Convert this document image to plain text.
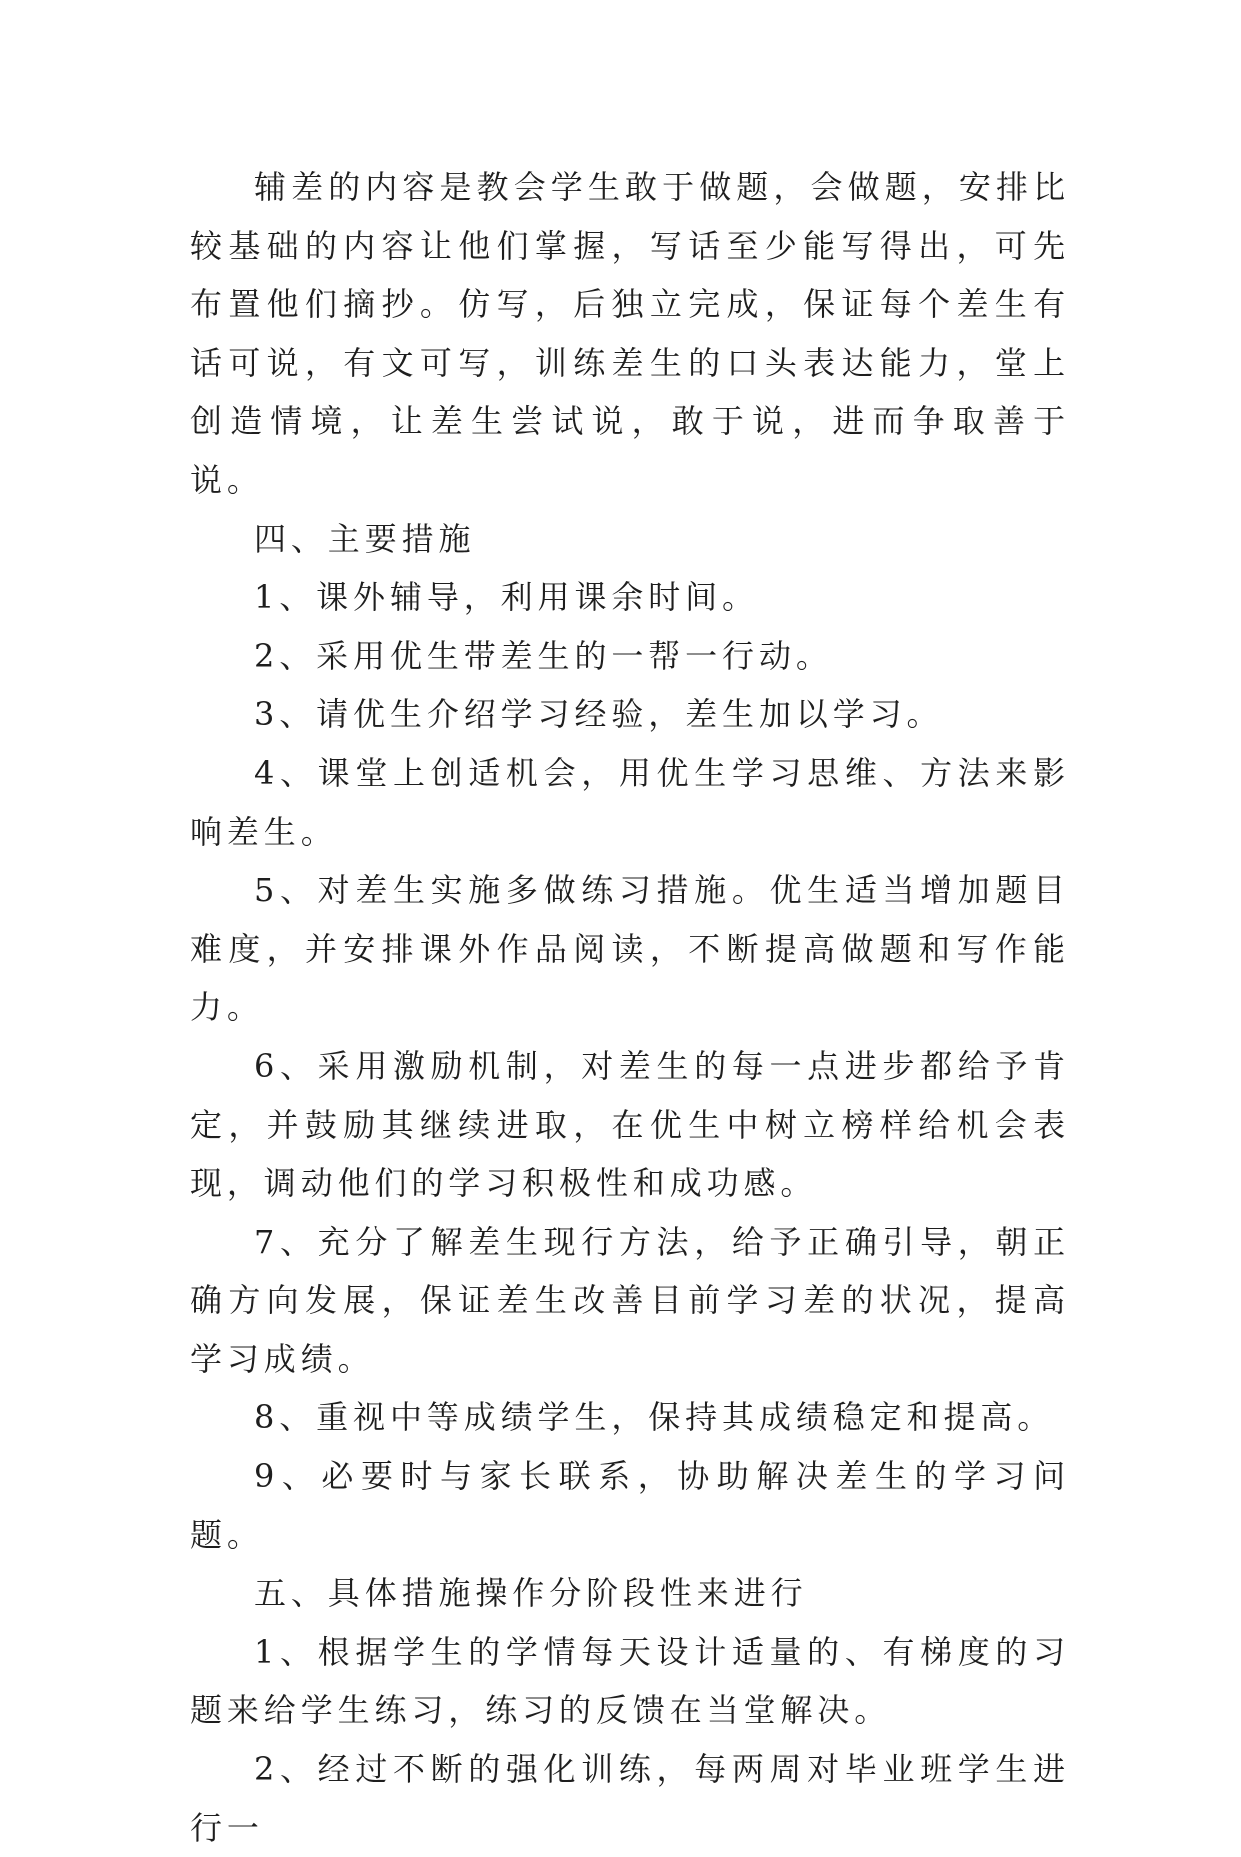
辅差的内容是教会学生敢于做题，会做题，安排比较基础的内容让他们掌握，写话至少能写得出，可先布置他们摘抄。仿写，后独立完成，保证每个差生有话可说，有文可写，训练差生的口头表达能力，堂上创造情境，让差生尝试说，敢于说，进而争取善于说。

四、主要措施

1、课外辅导，利用课余时间。

2、采用优生带差生的一帮一行动。

3、请优生介绍学习经验，差生加以学习。

4、课堂上创适机会，用优生学习思维、方法来影响差生。

5、对差生实施多做练习措施。优生适当增加题目难度，并安排课外作品阅读，不断提高做题和写作能力。

6、采用激励机制，对差生的每一点进步都给予肯定，并鼓励其继续进取，在优生中树立榜样给机会表现，调动他们的学习积极性和成功感。

7、充分了解差生现行方法，给予正确引导，朝正确方向发展，保证差生改善目前学习差的状况，提高学习成绩。

8、重视中等成绩学生，保持其成绩稳定和提高。

9、必要时与家长联系，协助解决差生的学习问题。

五、具体措施操作分阶段性来进行

1、根据学生的学情每天设计适量的、有梯度的习题来给学生练习，练习的反馈在当堂解决。

2、经过不断的强化训练，每两周对毕业班学生进行一
